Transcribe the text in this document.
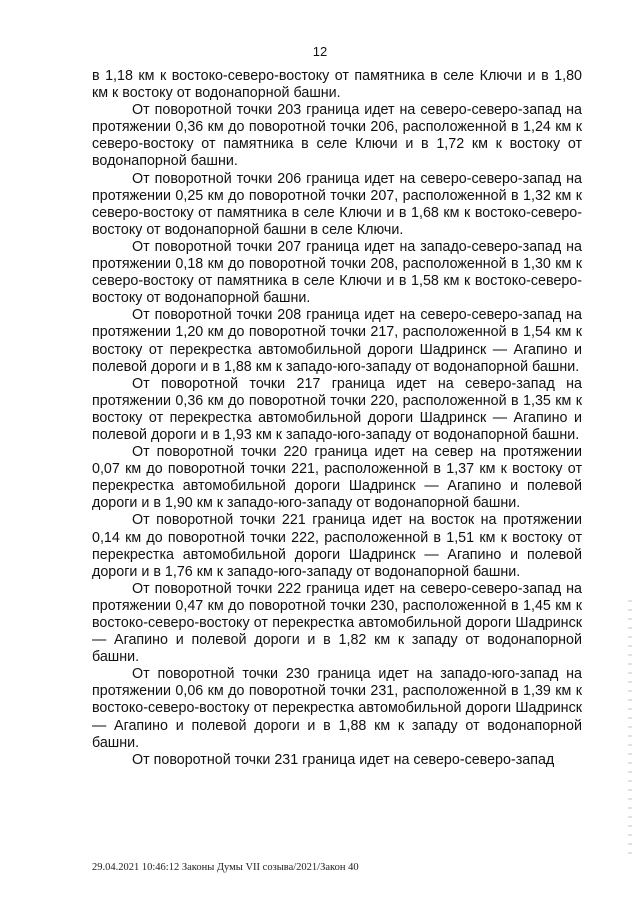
12

в 1,18 км к востоко-северо-востоку от памятника в селе Ключи и в 1,80 км к востоку от водонапорной башни.

От поворотной точки 203 граница идет на северо-северо-запад на протяжении 0,36 км до поворотной точки 206, расположенной в 1,24 км к северо-востоку от памятника в селе Ключи и в 1,72 км к востоку от водонапорной башни.

От поворотной точки 206 граница идет на северо-северо-запад на протяжении 0,25 км до поворотной точки 207, расположенной в 1,32 км к северо-востоку от памятника в селе Ключи и в 1,68 км к востоко-северо-востоку от водонапорной башни в селе Ключи.

От поворотной точки 207 граница идет на западо-северо-запад на протяжении 0,18 км до поворотной точки 208, расположенной в 1,30 км к северо-востоку от памятника в селе Ключи и в 1,58 км к востоко-северо-востоку от водонапорной башни.

От поворотной точки 208 граница идет на северо-северо-запад на протяжении 1,20 км до поворотной точки 217, расположенной в 1,54 км к востоку от перекрестка автомобильной дороги Шадринск — Агапино и полевой дороги и в 1,88 км к западо-юго-западу от водонапорной башни.

От поворотной точки 217 граница идет на северо-запад на протяжении 0,36 км до поворотной точки 220, расположенной в 1,35 км к востоку от перекрестка автомобильной дороги Шадринск — Агапино и полевой дороги и в 1,93 км к западо-юго-западу от водонапорной башни.

От поворотной точки 220 граница идет на север на протяжении 0,07 км до поворотной точки 221, расположенной в 1,37 км к востоку от перекрестка автомобильной дороги Шадринск — Агапино и полевой дороги и в 1,90 км к западо-юго-западу от водонапорной башни.

От поворотной точки 221 граница идет на восток на протяжении 0,14 км до поворотной точки 222, расположенной в 1,51 км к востоку от перекрестка автомобильной дороги Шадринск — Агапино и полевой дороги и в 1,76 км к западо-юго-западу от водонапорной башни.

От поворотной точки 222 граница идет на северо-северо-запад на протяжении 0,47 км до поворотной точки 230, расположенной в 1,45 км к востоко-северо-востоку от перекрестка автомобильной дороги Шадринск — Агапино и полевой дороги и в 1,82 км к западу от водонапорной башни.

От поворотной точки 230 граница идет на западо-юго-запад на протяжении 0,06 км до поворотной точки 231, расположенной в 1,39 км к востоко-северо-востоку от перекрестка автомобильной дороги Шадринск — Агапино и полевой дороги и в 1,88 км к западу от водонапорной башни.

От поворотной точки 231 граница идет на северо-северо-запад

29.04.2021 10:46:12 Законы Думы VII созыва/2021/Закон 40
